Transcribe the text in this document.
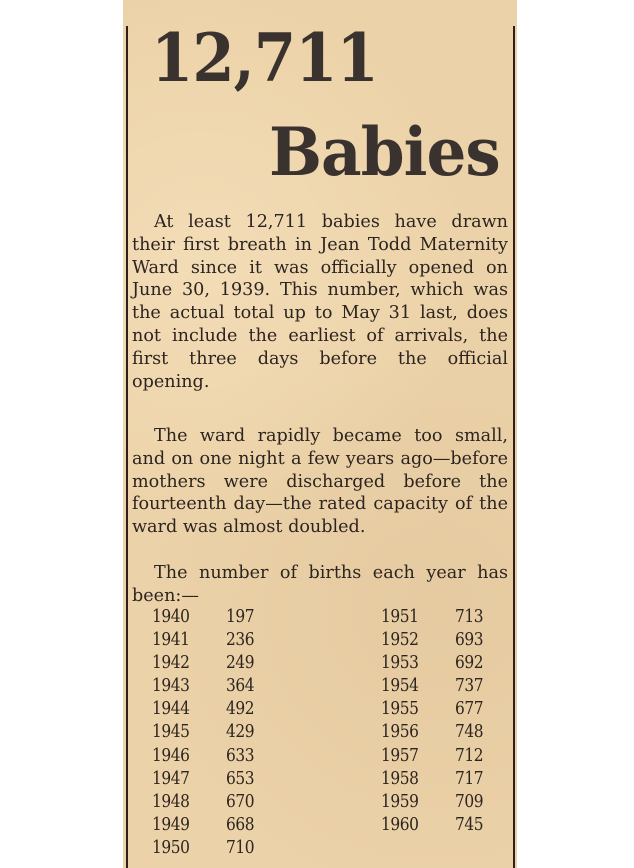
12,711
Babies

At least 12,711 babies have drawn their first breath in Jean Todd Maternity Ward since it was officially opened on June 30, 1939. This number, which was the actual total up to May 31 last, does not include the earliest of arrivals, the first three days before the official opening.

The ward rapidly became too small, and on one night a few years ago—before mothers were discharged before the fourteenth day—the rated capacity of the ward was almost doubled.

The number of births each year has been:—

1940	197
1941	236
1942	249
1943	364
1944	492
1945	429
1946	633
1947	653
1948	670
1949	668
1950	710
1951	713
1952	693
1953	692
1954	737
1955	677
1956	748
1957	712
1958	717
1959	709
1960	745
